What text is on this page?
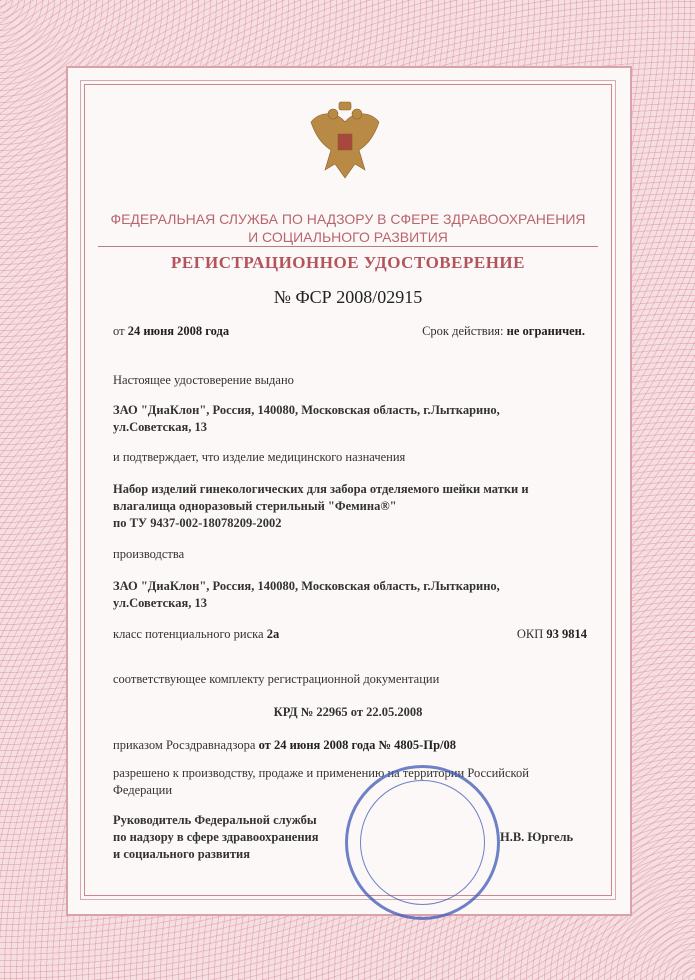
ФЕДЕРАЛЬНАЯ СЛУЖБА ПО НАДЗОРУ В СФЕРЕ ЗДРАВООХРАНЕНИЯ
И СОЦИАЛЬНОГО РАЗВИТИЯ
РЕГИСТРАЦИОННОЕ УДОСТОВЕРЕНИЕ
№ ФСР 2008/02915
от 24 июня 2008 года	Срок действия: не ограничен.
Настоящее удостоверение выдано
ЗАО "ДиаКлон", Россия, 140080, Московская область, г.Лыткарино,
ул.Советская, 13
и подтверждает, что изделие медицинского назначения
Набор изделий гинекологических для забора отделяемого шейки матки и
влагалища одноразовый стерильный "Фемина®"
по ТУ 9437-002-18078209-2002
производства
ЗАО "ДиаКлон", Россия, 140080, Московская область, г.Лыткарино,
ул.Советская, 13
класс потенциального риска 2а	ОКП 93 9814
соответствующее комплекту регистрационной документации
КРД № 22965 от 22.05.2008
приказом Росздравнадзора от 24 июня 2008 года № 4805-Пр/08
разрешено к производству, продаже и применению на территории Российской
Федерации
Руководитель Федеральной службы
по надзору в сфере здравоохранения
и социального развития
Н.В. Юргель
